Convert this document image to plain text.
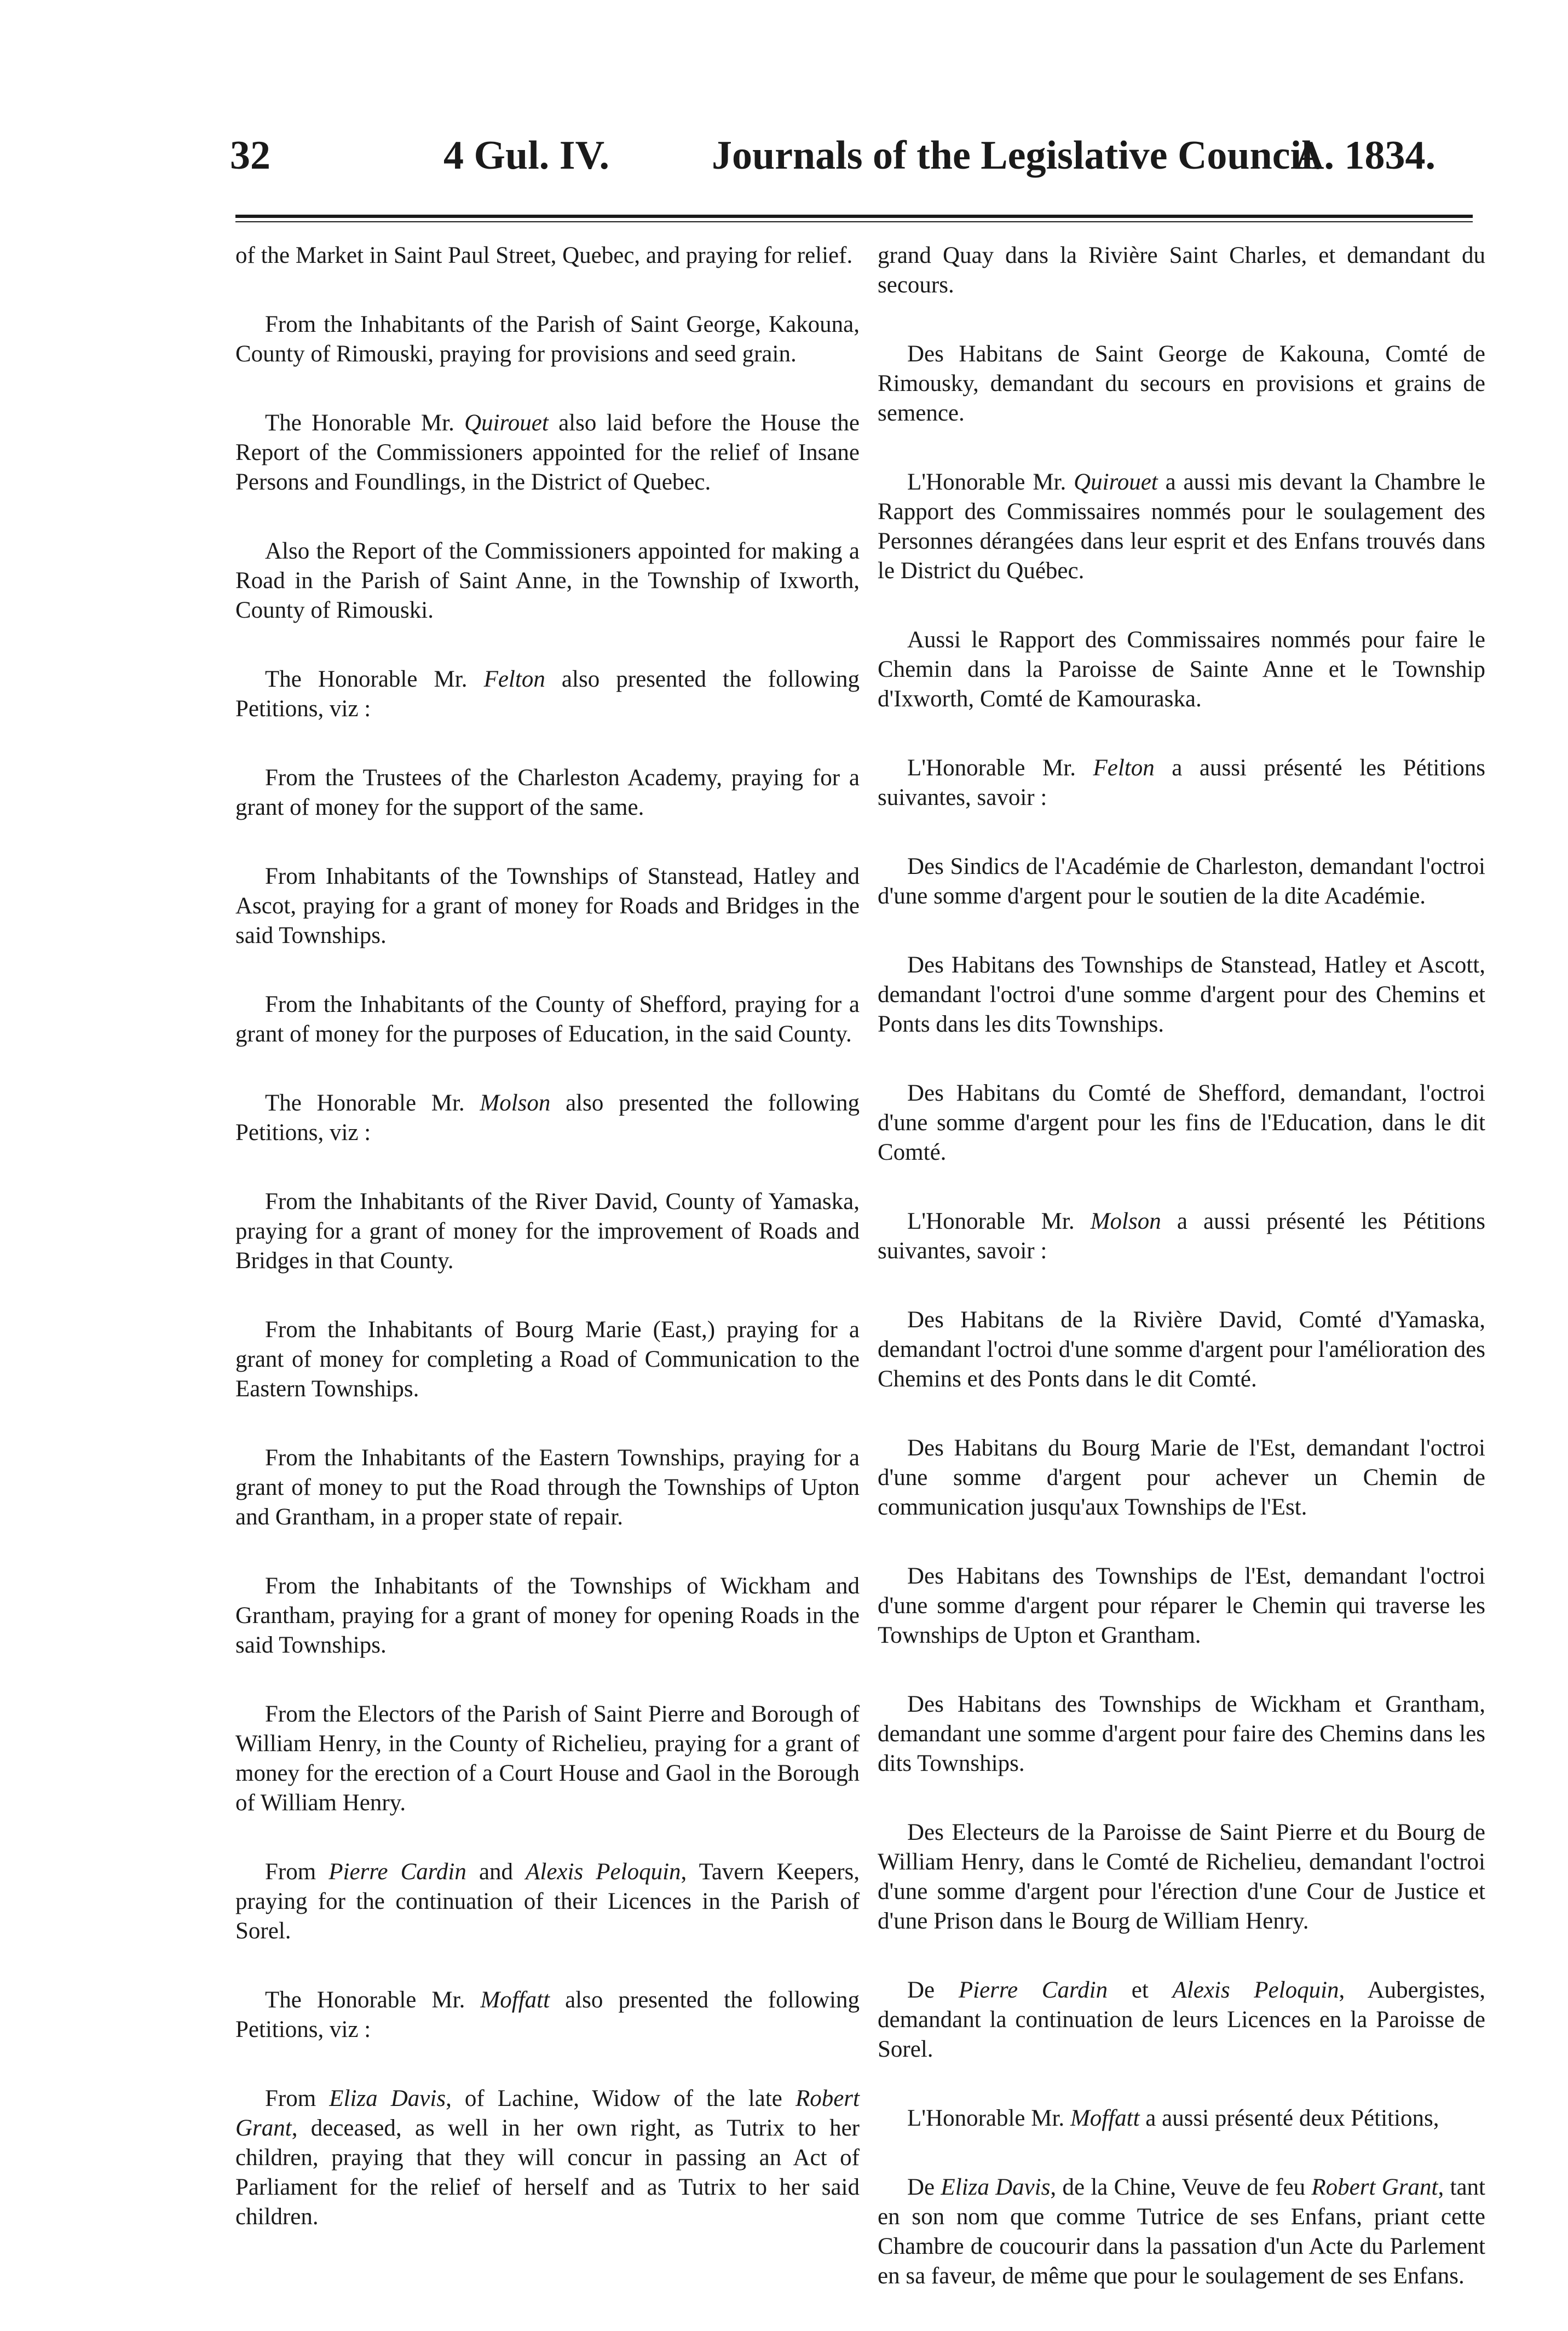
32	4 Gul. IV.	Journals of the Legislative Council.
A. 1834.

of the Market in Saint Paul Street, Quebec, and praying for relief.

From the Inhabitants of the Parish of Saint George, Kakouna, County of Rimouski, praying for provisions and seed grain.

The Honorable Mr. Quirouet also laid before the House the Report of the Commissioners appointed for the relief of Insane Persons and Foundlings, in the District of Quebec.

Also the Report of the Commissioners appointed for making a Road in the Parish of Saint Anne, in the Township of Ixworth, County of Rimouski.

The Honorable Mr. Felton also presented the following Petitions, viz :

From the Trustees of the Charleston Academy, praying for a grant of money for the support of the same.

From Inhabitants of the Townships of Stanstead, Hatley and Ascot, praying for a grant of money for Roads and Bridges in the said Townships.

From the Inhabitants of the County of Shefford, praying for a grant of money for the purposes of Education, in the said County.

The Honorable Mr. Molson also presented the following Petitions, viz :

From the Inhabitants of the River David, County of Yamaska, praying for a grant of money for the improvement of Roads and Bridges in that County.

From the Inhabitants of Bourg Marie (East,) praying for a grant of money for completing a Road of Communication to the Eastern Townships.

From the Inhabitants of the Eastern Townships, praying for a grant of money to put the Road through the Townships of Upton and Grantham, in a proper state of repair.

From the Inhabitants of the Townships of Wickham and Grantham, praying for a grant of money for opening Roads in the said Townships.

From the Electors of the Parish of Saint Pierre and Borough of William Henry, in the County of Richelieu, praying for a grant of money for the erection of a Court House and Gaol in the Borough of William Henry.

From Pierre Cardin and Alexis Peloquin, Tavern Keepers, praying for the continuation of their Licences in the Parish of Sorel.

The Honorable Mr. Moffatt also presented the following Petitions, viz :

From Eliza Davis, of Lachine, Widow of the late Robert Grant, deceased, as well in her own right, as Tutrix to her children, praying that they will concur in passing an Act of Parliament for the relief of herself and as Tutrix to her said children.

grand Quay dans la Rivière Saint Charles, et demandant du secours.

Des Habitans de Saint George de Kakouna, Comté de Rimousky, demandant du secours en provisions et grains de semence.

L'Honorable Mr. Quirouet a aussi mis devant la Chambre le Rapport des Commissaires nommés pour le soulagement des Personnes dérangées dans leur esprit et des Enfans trouvés dans le District du Québec.

Aussi le Rapport des Commissaires nommés pour faire le Chemin dans la Paroisse de Sainte Anne et le Township d'Ixworth, Comté de Kamouraska.

L'Honorable Mr. Felton a aussi présenté les Pétitions suivantes, savoir :

Des Sindics de l'Académie de Charleston, demandant l'octroi d'une somme d'argent pour le soutien de la dite Académie.

Des Habitans des Townships de Stanstead, Hatley et Ascott, demandant l'octroi d'une somme d'argent pour des Chemins et Ponts dans les dits Townships.

Des Habitans du Comté de Shefford, demandant, l'octroi d'une somme d'argent pour les fins de l'Education, dans le dit Comté.

L'Honorable Mr. Molson a aussi présenté les Pétitions suivantes, savoir :

Des Habitans de la Rivière David, Comté d'Yamaska, demandant l'octroi d'une somme d'argent pour l'amélioration des Chemins et des Ponts dans le dit Comté.

Des Habitans du Bourg Marie de l'Est, demandant l'octroi d'une somme d'argent pour achever un Chemin de communication jusqu'aux Townships de l'Est.

Des Habitans des Townships de l'Est, demandant l'octroi d'une somme d'argent pour réparer le Chemin qui traverse les Townships de Upton et Grantham.

Des Habitans des Townships de Wickham et Grantham, demandant une somme d'argent pour faire des Chemins dans les dits Townships.

Des Electeurs de la Paroisse de Saint Pierre et du Bourg de William Henry, dans le Comté de Richelieu, demandant l'octroi d'une somme d'argent pour l'érection d'une Cour de Justice et d'une Prison dans le Bourg de William Henry.

De Pierre Cardin et Alexis Peloquin, Aubergistes, demandant la continuation de leurs Licences en la Paroisse de Sorel.

L'Honorable Mr. Moffatt a aussi présenté deux Pétitions,

De Eliza Davis, de la Chine, Veuve de feu Robert Grant, tant en son nom que comme Tutrice de ses Enfans, priant cette Chambre de coucourir dans la passation d'un Acte du Parlement en sa faveur, de même que pour le soulagement de ses Enfans.
